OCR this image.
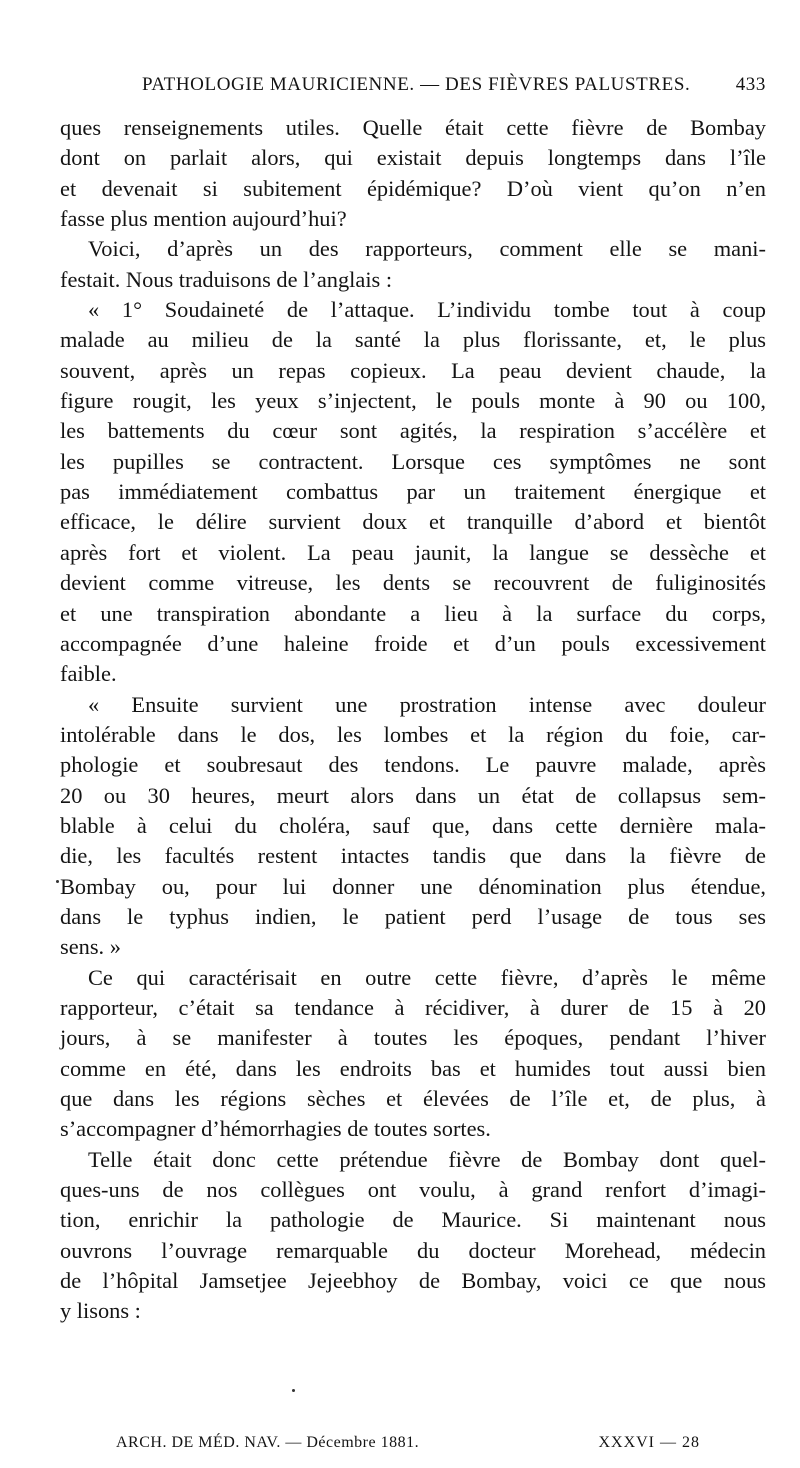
PATHOLOGIE MAURICIENNE. — DES FIÈVRES PALUSTRES. 433

ques renseignements utiles. Quelle était cette fièvre de Bombay
dont on parlait alors, qui existait depuis longtemps dans l’île
et devenait si subitement épidémique? D’où vient qu’on n’en
fasse plus mention aujourd’hui?

Voici, d’après un des rapporteurs, comment elle se mani-
festait. Nous traduisons de l’anglais :

« 1° Soudaineté de l’attaque. L’individu tombe tout à coup
malade au milieu de la santé la plus florissante, et, le plus
souvent, après un repas copieux. La peau devient chaude, la
figure rougit, les yeux s’injectent, le pouls monte à 90 ou 100,
les battements du cœur sont agités, la respiration s’accélère et
les pupilles se contractent. Lorsque ces symptômes ne sont
pas immédiatement combattus par un traitement énergique et
efficace, le délire survient doux et tranquille d’abord et bientôt
après fort et violent. La peau jaunit, la langue se dessèche et
devient comme vitreuse, les dents se recouvrent de fuliginosités
et une transpiration abondante a lieu à la surface du corps,
accompagnée d’une haleine froide et d’un pouls excessivement
faible.

« Ensuite survient une prostration intense avec douleur
intolérable dans le dos, les lombes et la région du foie, car-
phologie et soubresaut des tendons. Le pauvre malade, après
20 ou 30 heures, meurt alors dans un état de collapsus sem-
blable à celui du choléra, sauf que, dans cette dernière mala-
die, les facultés restent intactes tandis que dans la fièvre de
Bombay ou, pour lui donner une dénomination plus étendue,
dans le typhus indien, le patient perd l’usage de tous ses
sens. »

Ce qui caractérisait en outre cette fièvre, d’après le même
rapporteur, c’était sa tendance à récidiver, à durer de 15 à 20
jours, à se manifester à toutes les époques, pendant l’hiver
comme en été, dans les endroits bas et humides tout aussi bien
que dans les régions sèches et élevées de l’île et, de plus, à
s’accompagner d’hémorrhagies de toutes sortes.

Telle était donc cette prétendue fièvre de Bombay dont quel-
ques-uns de nos collègues ont voulu, à grand renfort d’imagi-
tion, enrichir la pathologie de Maurice. Si maintenant nous
ouvrons l’ouvrage remarquable du docteur Morehead, médecin
de l’hôpital Jamsetjee Jejeebhoy de Bombay, voici ce que nous
y lisons :

ARCH. DE MÉD. NAV. — Décembre 1881.	XXXVI — 28
